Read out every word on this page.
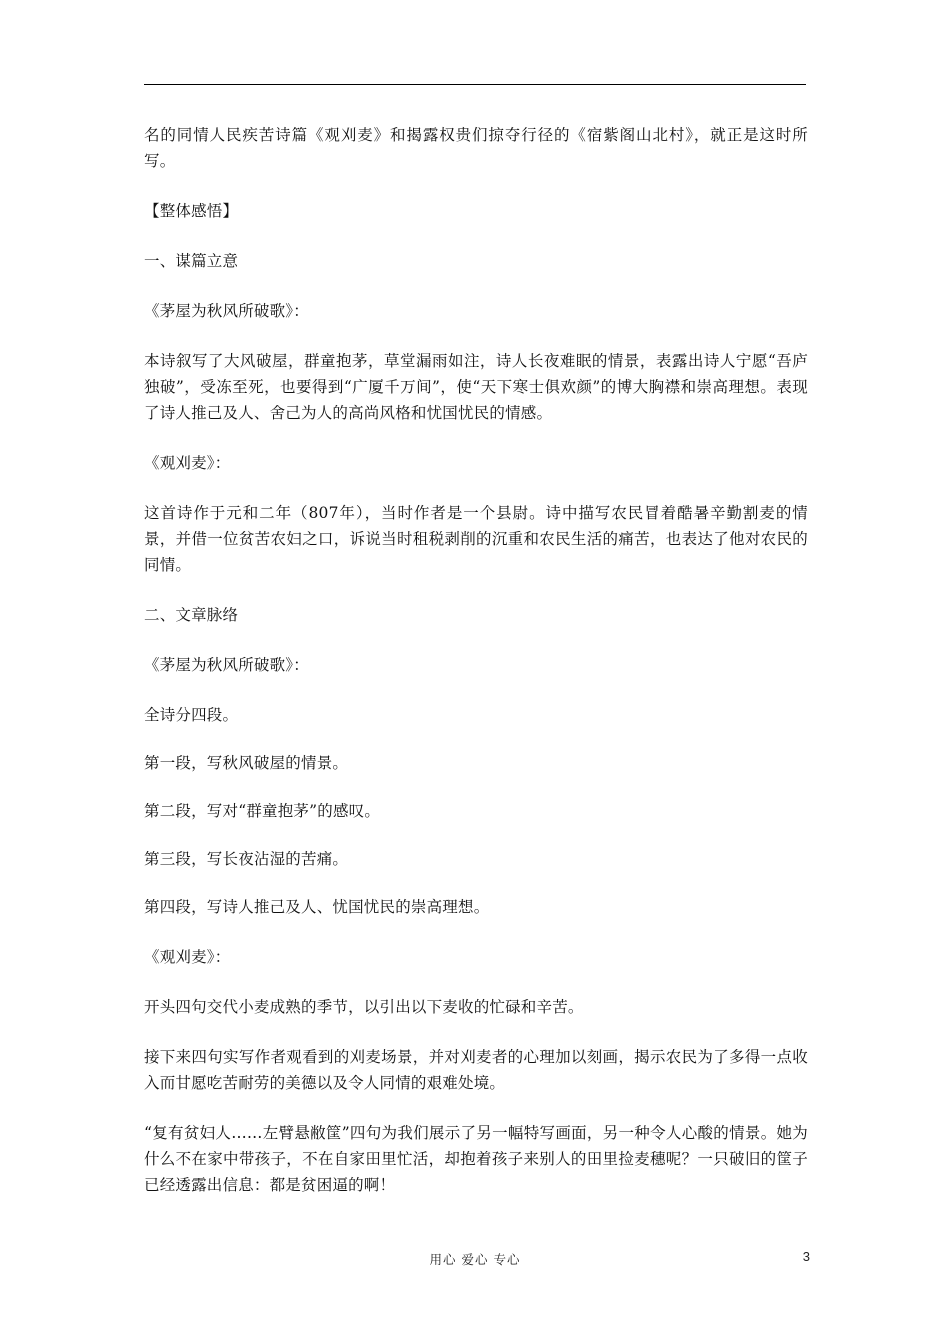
名的同情人民疾苦诗篇《观刈麦》和揭露权贵们掠夺行径的《宿紫阁山北村》，就正是这时所写。

【整体感悟】

一、谋篇立意

《茅屋为秋风所破歌》：

本诗叙写了大风破屋，群童抱茅，草堂漏雨如注，诗人长夜难眠的情景，表露出诗人宁愿“吾庐独破”，受冻至死，也要得到“广厦千万间”，使“天下寒士俱欢颜”的博大胸襟和崇高理想。表现了诗人推己及人、舍己为人的高尚风格和忧国忧民的情感。

《观刈麦》：

这首诗作于元和二年（807年），当时作者是一个县尉。诗中描写农民冒着酷暑辛勤割麦的情景，并借一位贫苦农妇之口，诉说当时租税剥削的沉重和农民生活的痛苦，也表达了他对农民的同情。

二、文章脉络

《茅屋为秋风所破歌》：

全诗分四段。

第一段，写秋风破屋的情景。

第二段，写对“群童抱茅”的感叹。

第三段，写长夜沾湿的苦痛。

第四段，写诗人推己及人、忧国忧民的崇高理想。

《观刈麦》：

开头四句交代小麦成熟的季节，以引出以下麦收的忙碌和辛苦。

接下来四句实写作者观看到的刈麦场景，并对刈麦者的心理加以刻画，揭示农民为了多得一点收入而甘愿吃苦耐劳的美德以及令人同情的艰难处境。

“复有贫妇人……左臂悬敝筐”四句为我们展示了另一幅特写画面，另一种令人心酸的情景。她为什么不在家中带孩子，不在自家田里忙活，却抱着孩子来别人的田里捡麦穗呢？一只破旧的筐子已经透露出信息：都是贫困逼的啊！

用心 爱心 专心	3
